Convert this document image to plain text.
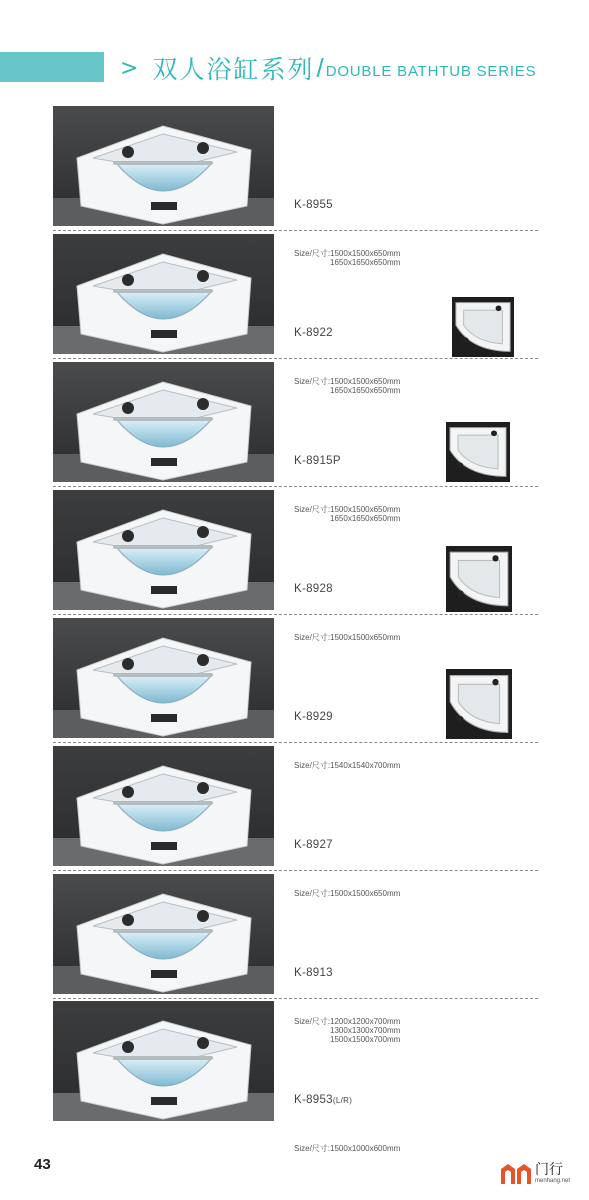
> 双人浴缸系列 / DOUBLE BATHTUB SERIES

K-8955

Size/尺寸:1500x1500x650mm
1650x1650x650mm

K-8922

Size/尺寸:1500x1500x650mm
1650x1650x650mm

K-8915P

Size/尺寸:1500x1500x650mm
1650x1650x650mm

K-8928

Size/尺寸:1500x1500x650mm

K-8929

Size/尺寸:1540x1540x700mm

K-8927

Size/尺寸:1500x1500x650mm

K-8913

Size/尺寸:1200x1200x700mm
1300x1300x700mm
1500x1500x700mm

K-8953(L/R)

Size/尺寸:1500x1000x600mm

43	门行
menhang.net
